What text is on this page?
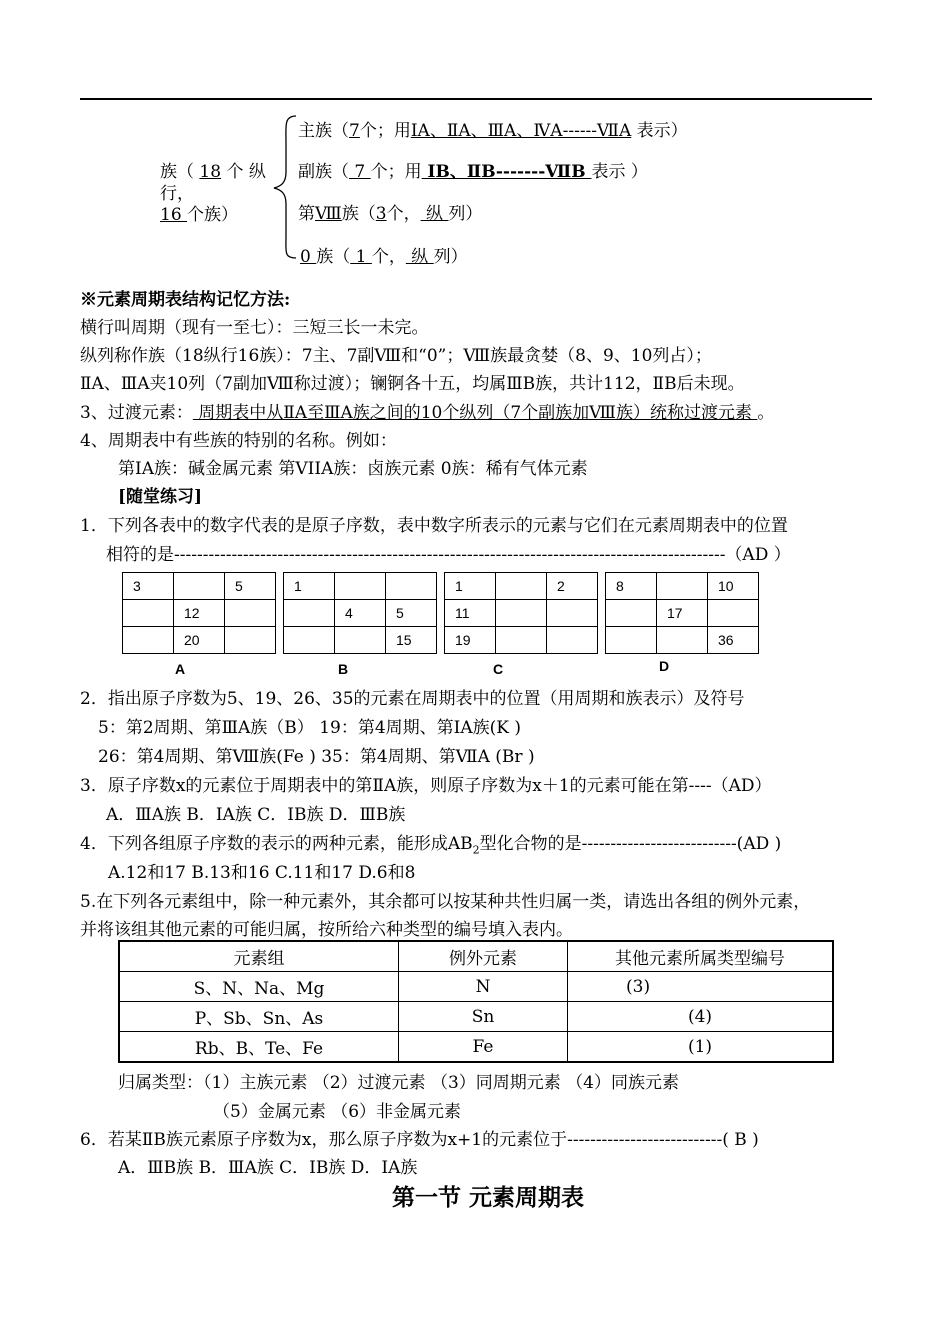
族（ 18 个 纵
行，
16 个族）
主族（7个；用IA、ⅡA、ⅢA、ⅣA------ⅦA 表示）
副族（ 7 个；用 IB、ⅡB-------ⅦB 表示 ）
第Ⅷ族（3个， 纵 列）
0 族（ 1 个， 纵 列）
※元素周期表结构记忆方法:
横行叫周期（现有一至七）：三短三长一未完。
纵列称作族（18纵行16族）：7主、7副Ⅷ和“0”；Ⅷ族最贪婪（8、9、10列占）；
ⅡA、ⅢA夹10列（7副加Ⅷ称过渡）；镧锕各十五，均属ⅢB族，共计112，ⅡB后未现。
3、过渡元素： 周期表中从ⅡA至ⅢA族之间的10个纵列（7个副族加Ⅷ族）统称过渡元素 。
4、周期表中有些族的特别的名称。例如：
第IA族：碱金属元素 第VIIA族：卤族元素 0族：稀有气体元素
[随堂练习]
1．下列各表中的数字代表的是原子序数，表中数字所表示的元素与它们在元素周期表中的位置
相符的是------------------------------------------------------------------------------------------------（AD ）
3		5
	12	
	20	
A
1		
	4	5
		15
B
1		2
11		
19		
C
8		10
	17	
		36
D
2．指出原子序数为5、19、26、35的元素在周期表中的位置（用周期和族表示）及符号
5：第2周期、第ⅢA族（B） 19：第4周期、第IA族(K )
26：第4周期、第Ⅷ族(Fe ) 35：第4周期、第ⅦA (Br )
3．原子序数x的元素位于周期表中的第ⅡA族，则原子序数为x＋1的元素可能在第----（AD）
A．ⅢA族 B．ⅠA族 C．ⅠB族 D．ⅢB族
4．下列各组原子序数的表示的两种元素，能形成$AB_2$型化合物的是---------------------------(AD )
A.12和17 B.13和16 C.11和17 D.6和8
5.在下列各元素组中，除一种元素外，其余都可以按某种共性归属一类，请选出各组的例外元素，
并将该组其他元素的可能归属，按所给六种类型的编号填入表内。
元素组	例外元素	其他元素所属类型编号
S、N、Na、Mg	N	(3)
P、Sb、Sn、As	Sn	(4)
Rb、B、Te、Fe	Fe	(1)
归属类型：（1）主族元素 （2）过渡元素 （3）同周期元素 （4）同族元素
（5）金属元素 （6）非金属元素
6．若某ⅡB族元素原子序数为x，那么原子序数为x+1的元素位于---------------------------( B )
A．ⅢB族 B．ⅢA族 C．ⅠB族 D．ⅠA族
第一节 元素周期表
